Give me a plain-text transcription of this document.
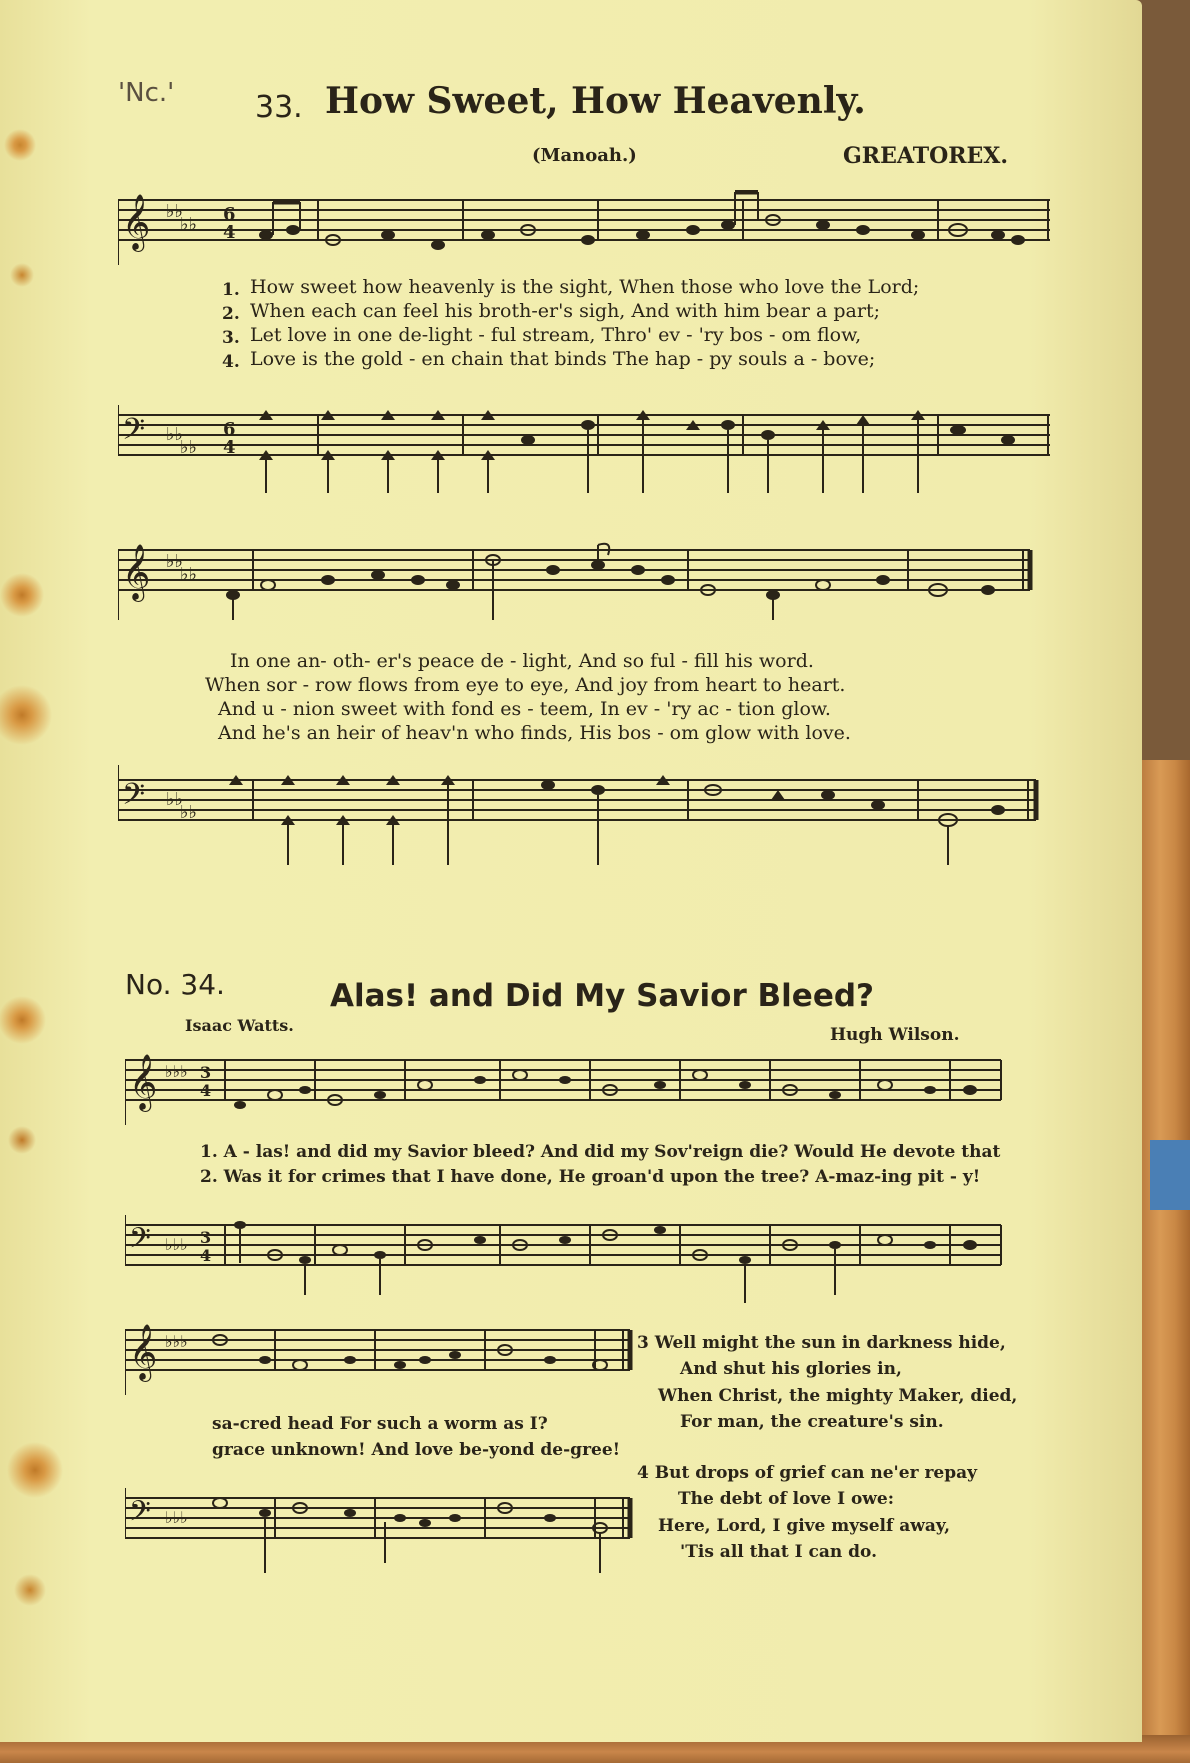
'Nc.'	33. How Sweet, How Heavenly.
(Manoah.)	GREATOREX.
𝄞 ♭♭
♭♭ 6
4
1. How sweet how heavenly is the sight, When those who love the Lord;
2. When each can feel his broth-er's sigh, And with him bear a part;
3. Let love in one de-light - ful stream, Thro' ev - 'ry bos - om flow,
4. Love is the gold - en chain that binds The hap - py souls a - bove;
𝄢 ♭♭
♭♭
6
4
𝄞 ♭♭
♭♭
In one an- oth- er's peace de - light, And so ful - fill his word.
When sor - row flows from eye to eye, And joy from heart to heart.
And u - nion sweet with fond es - teem, In ev - 'ry ac - tion glow.
And he's an heir of heav'n who finds, His bos - om glow with love.
𝄢 ♭♭
♭♭
No. 34.	Alas! and Did My Savior Bleed?
Isaac Watts.	Hugh Wilson.
𝄞 ♭♭♭ 3
4
1. A - las! and did my Savior bleed? And did my Sov'reign die? Would He devote that
2. Was it for crimes that I have done, He groan'd upon the tree? A-maz-ing pit - y!
𝄢 ♭♭♭ 3
4
𝄞 ♭♭♭
sa-cred head For such a worm as I?
grace unknown! And love be-yond de-gree!
𝄢 ♭♭♭
3 Well might the sun in darkness hide,
And shut his glories in,
When Christ, the mighty Maker, died,
For man, the creature's sin.
4 But drops of grief can ne'er repay
The debt of love I owe:
Here, Lord, I give myself away,
'Tis all that I can do.
